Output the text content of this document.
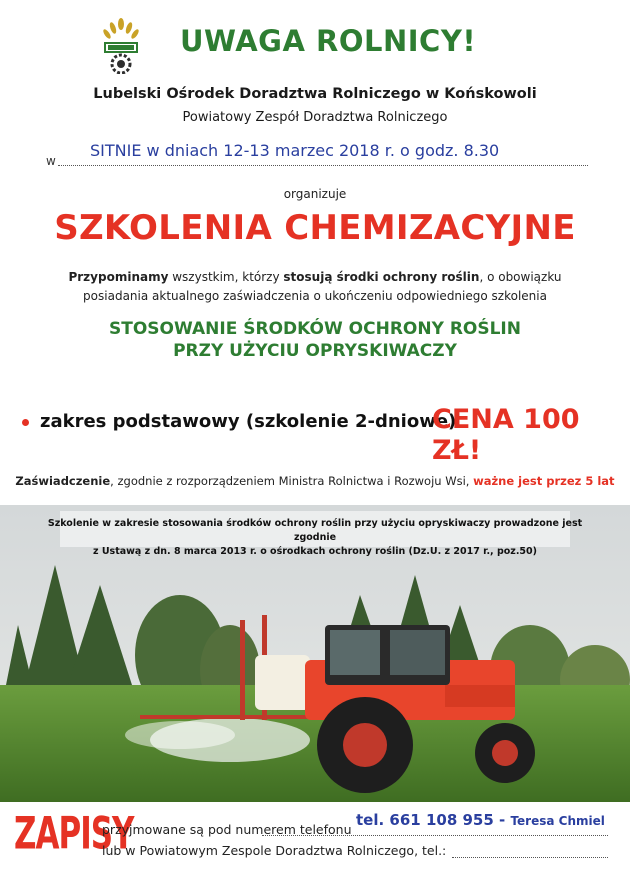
UWAGA ROLNICY!
Lubelski Ośrodek Doradztwa Rolniczego w Końskowoli
Powiatowy Zespół Doradztwa Rolniczego
w
SITNIE w dniach 12-13 marzec 2018 r. o godz. 8.30
organizuje
SZKOLENIA CHEMIZACYJNE
Przypominamy wszystkim, którzy stosują środki ochrony roślin, o obowiązku
posiadania aktualnego zaświadczenia o ukończeniu odpowiedniego szkolenia
STOSOWANIE ŚRODKÓW OCHRONY ROŚLIN
PRZY UŻYCIU OPRYSKIWACZY
zakres podstawowy (szkolenie 2-dniowe)
CENA 100 ZŁ!
Zaświadczenie, zgodnie z rozporządzeniem Ministra Rolnictwa i Rozwoju Wsi, ważne jest przez 5 lat
Szkolenie w zakresie stosowania środków ochrony roślin przy użyciu opryskiwaczy prowadzone jest zgodnie
z Ustawą z dn. 8 marca 2013 r. o ośrodkach ochrony roślin (Dz.U. z 2017 r., poz.50)
ZAPISY
przyjmowane są pod numerem telefonu
tel. 661 108 955 - Teresa Chmiel
lub w Powiatowym Zespole Doradztwa Rolniczego, tel.:
